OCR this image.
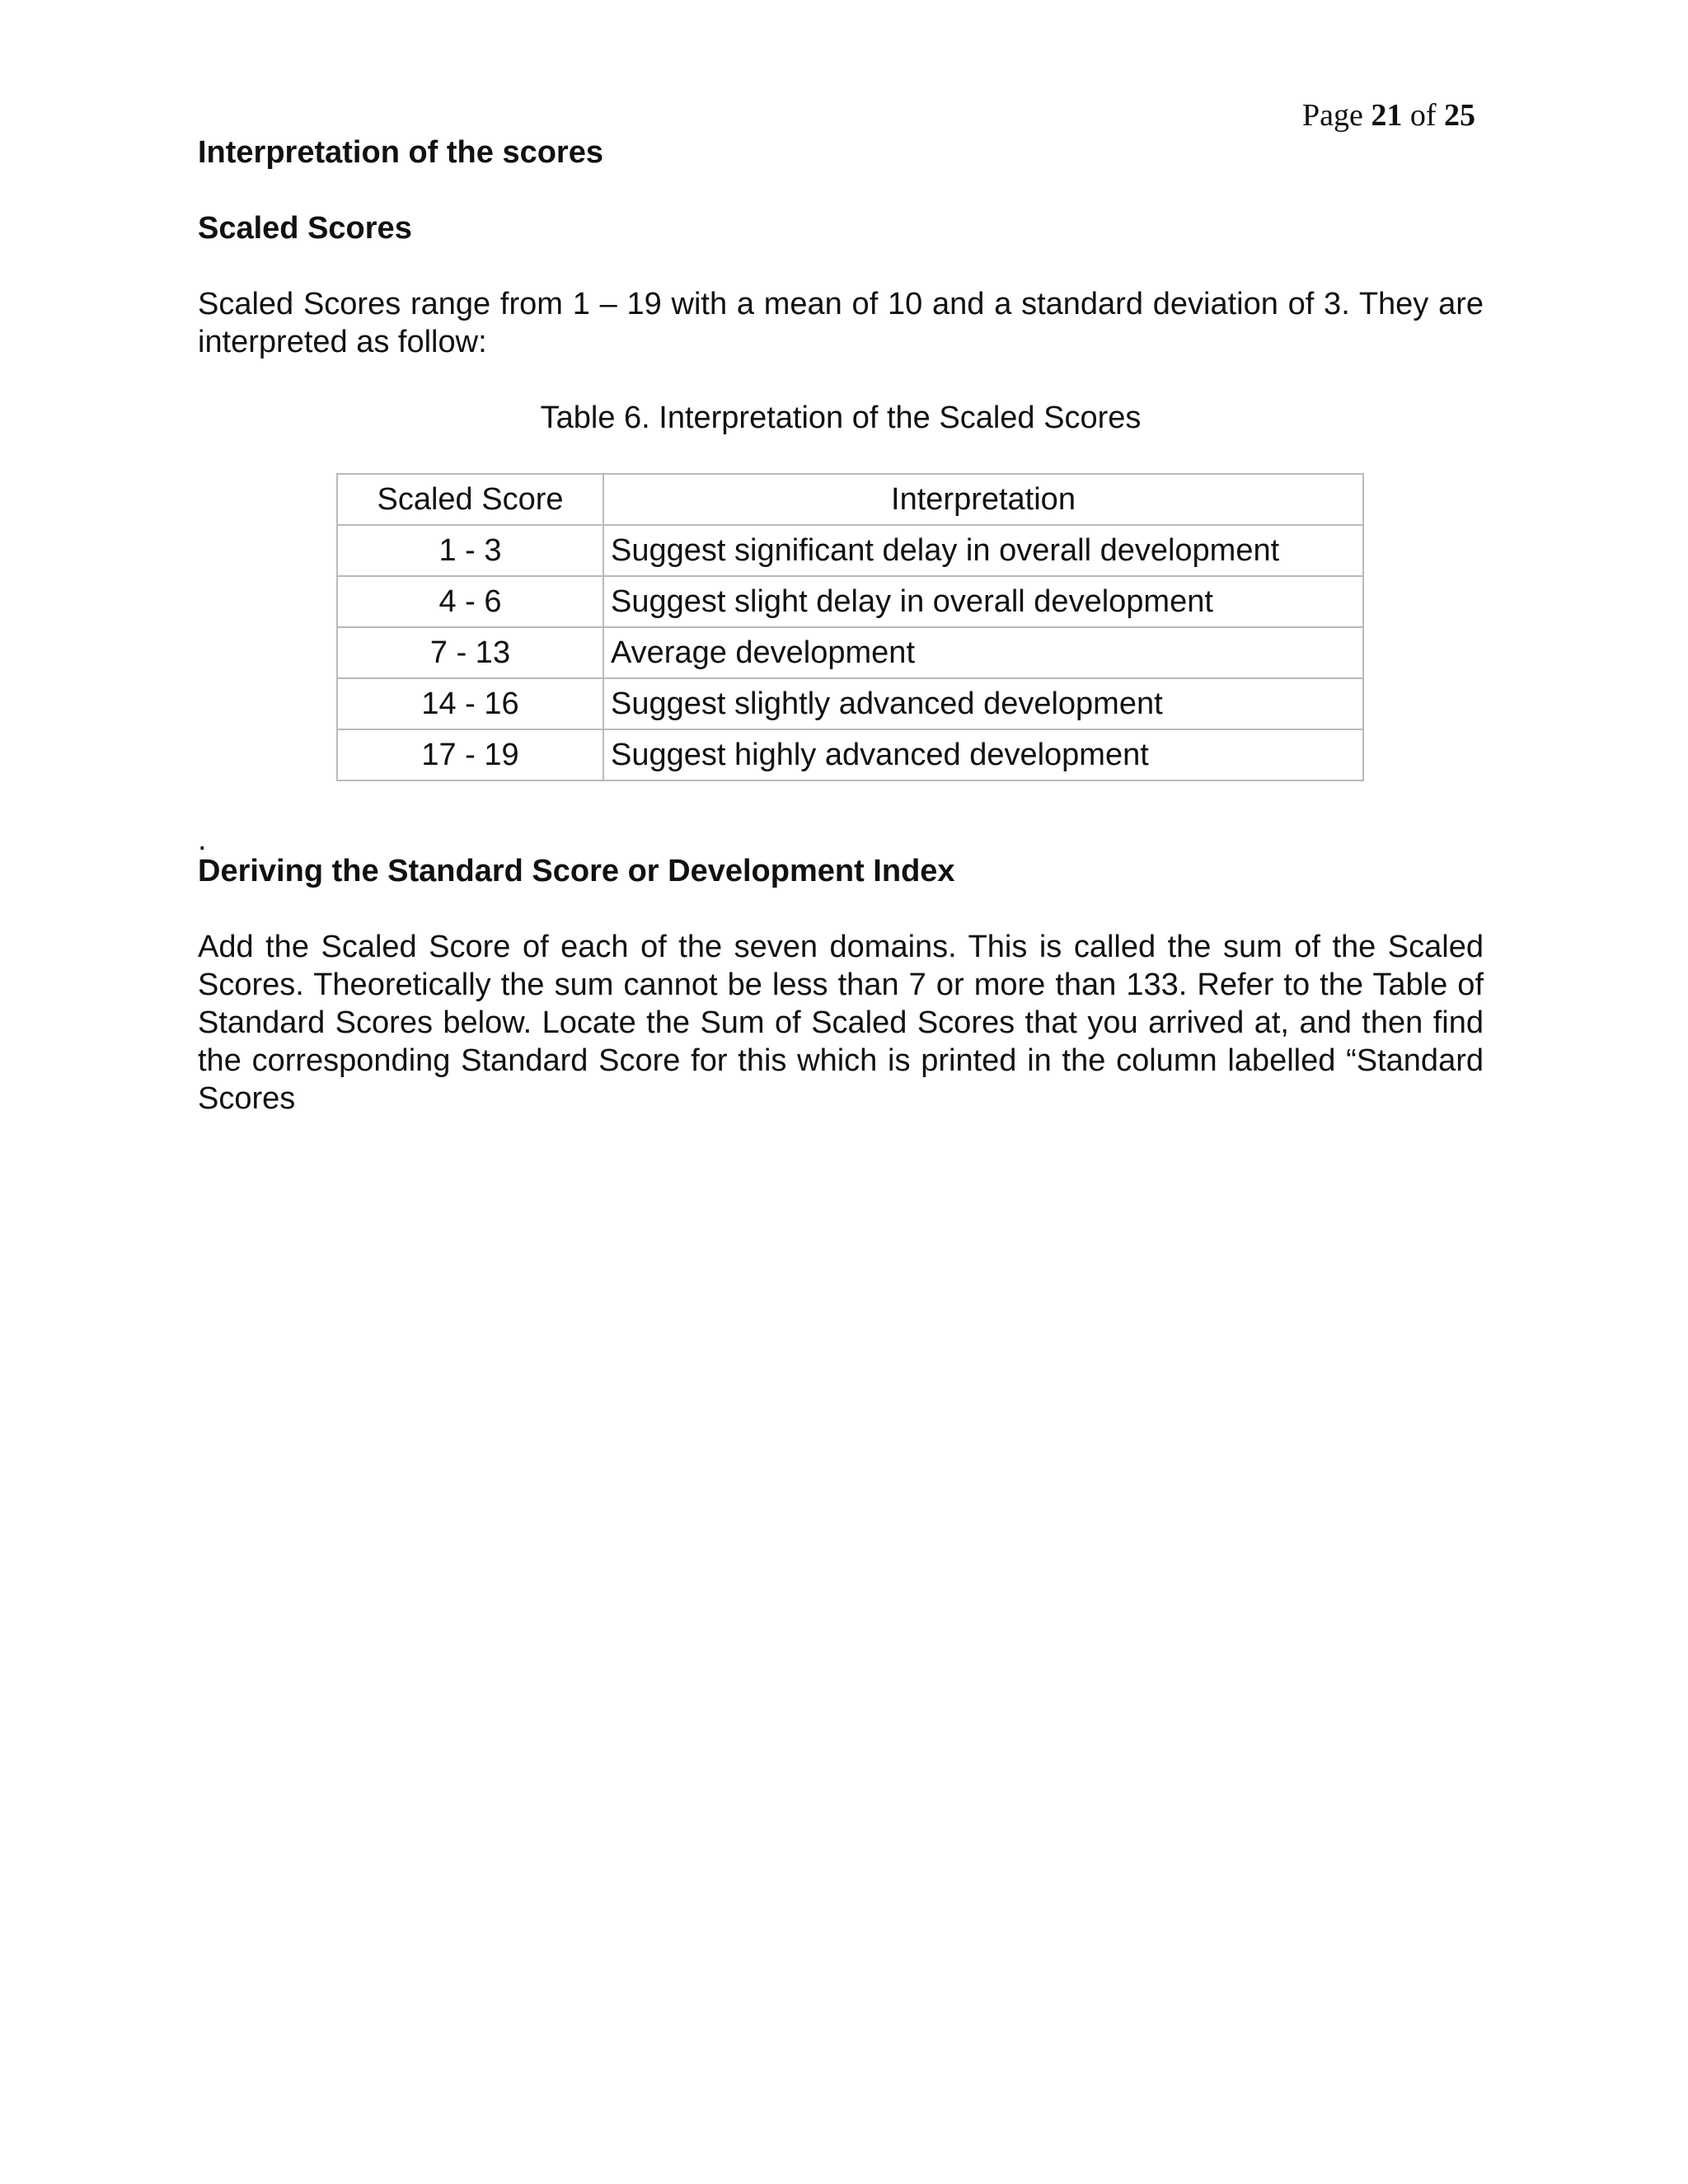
Page 21 of 25

Interpretation of the scores

Scaled Scores

Scaled Scores range from 1 – 19 with a mean of 10 and a standard deviation of 3. They are interpreted as follow:

Table 6. Interpretation of the Scaled Scores

Scaled Score	Interpretation
1 - 3	Suggest significant delay in overall development
4 - 6	Suggest slight delay in overall development
7 - 13	Average development
14 - 16	Suggest slightly advanced development
17 - 19	Suggest highly advanced development

.

Deriving the Standard Score or Development Index

Add the Scaled Score of each of the seven domains. This is called the sum of the Scaled Scores. Theoretically the sum cannot be less than 7 or more than 133. Refer to the Table of Standard Scores below. Locate the Sum of Scaled Scores that you arrived at, and then find the corresponding Standard Score for this which is printed in the column labelled “Standard Scores
